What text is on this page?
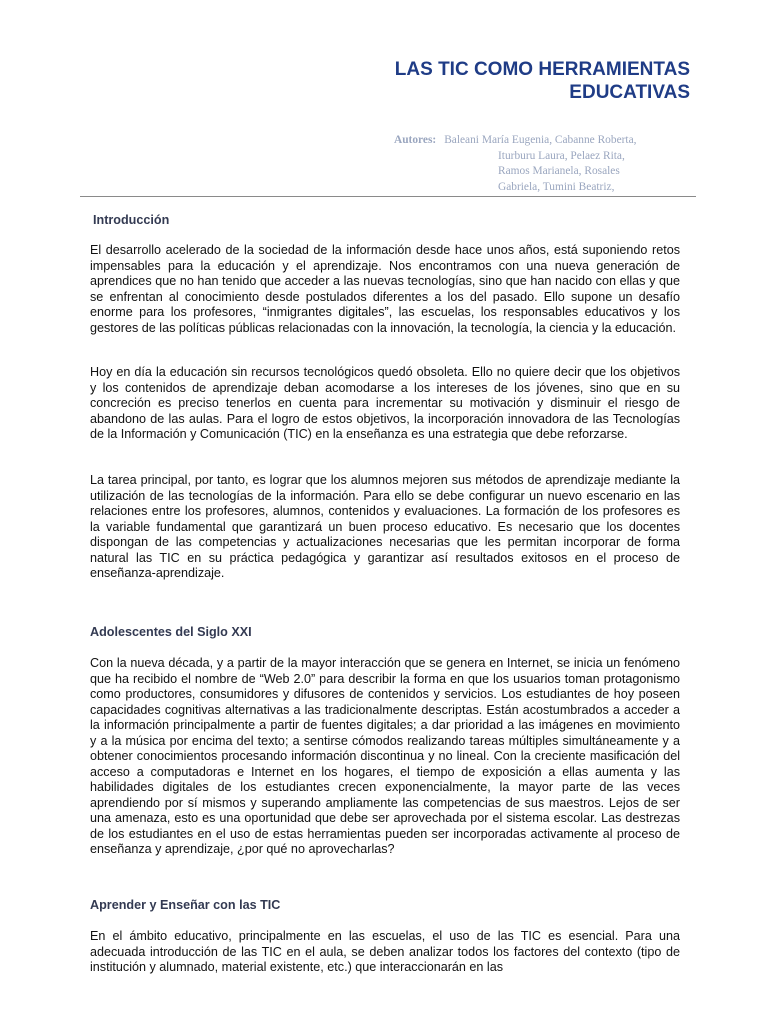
LAS TIC COMO HERRAMIENTAS
EDUCATIVAS
Autores: Baleani María Eugenia, Cabanne Roberta,
Iturburu Laura, Pelaez Rita,
Ramos Marianela, Rosales
Gabriela, Tumini Beatriz,
Introducción

El desarrollo acelerado de la sociedad de la información desde hace unos años, está suponiendo retos impensables para la educación y el aprendizaje. Nos encontramos con una nueva generación de aprendices que no han tenido que acceder a las nuevas tecnologías, sino que han nacido con ellas y que se enfrentan al conocimiento desde postulados diferentes a los del pasado. Ello supone un desafío enorme para los profesores, “inmigrantes digitales”, las escuelas, los responsables educativos y los gestores de las políticas públicas relacionadas con la innovación, la tecnología, la ciencia y la educación.

Hoy en día la educación sin recursos tecnológicos quedó obsoleta. Ello no quiere decir que los objetivos y los contenidos de aprendizaje deban acomodarse a los intereses de los jóvenes, sino que en su concreción es preciso tenerlos en cuenta para incrementar su motivación y disminuir el riesgo de abandono de las aulas. Para el logro de estos objetivos, la incorporación innovadora de las Tecnologías de la Información y Comunicación (TIC) en la enseñanza es una estrategia que debe reforzarse.

La tarea principal, por tanto, es lograr que los alumnos mejoren sus métodos de aprendizaje mediante la utilización de las tecnologías de la información. Para ello se debe configurar un nuevo escenario en las relaciones entre los profesores, alumnos, contenidos y evaluaciones. La formación de los profesores es la variable fundamental que garantizará un buen proceso educativo. Es necesario que los docentes dispongan de las competencias y actualizaciones necesarias que les permitan incorporar de forma natural las TIC en su práctica pedagógica y garantizar así resultados exitosos en el proceso de enseñanza-aprendizaje.

Adolescentes del Siglo XXI

Con la nueva década, y a partir de la mayor interacción que se genera en Internet, se inicia un fenómeno que ha recibido el nombre de “Web 2.0” para describir la forma en que los usuarios toman protagonismo como productores, consumidores y difusores de contenidos y servicios. Los estudiantes de hoy poseen capacidades cognitivas alternativas a las tradicionalmente descriptas. Están acostumbrados a acceder a la información principalmente a partir de fuentes digitales; a dar prioridad a las imágenes en movimiento y a la música por encima del texto; a sentirse cómodos realizando tareas múltiples simultáneamente y a obtener conocimientos procesando información discontinua y no lineal. Con la creciente masificación del acceso a computadoras e Internet en los hogares, el tiempo de exposición a ellas aumenta y las habilidades digitales de los estudiantes crecen exponencialmente, la mayor parte de las veces aprendiendo por sí mismos y superando ampliamente las competencias de sus maestros. Lejos de ser una amenaza, esto es una oportunidad que debe ser aprovechada por el sistema escolar. Las destrezas de los estudiantes en el uso de estas herramientas pueden ser incorporadas activamente al proceso de enseñanza y aprendizaje, ¿por qué no aprovecharlas?

Aprender y Enseñar con las TIC

En el ámbito educativo, principalmente en las escuelas, el uso de las TIC es esencial. Para una adecuada introducción de las TIC en el aula, se deben analizar todos los factores del contexto (tipo de institución y alumnado, material existente, etc.) que interaccionarán en las
